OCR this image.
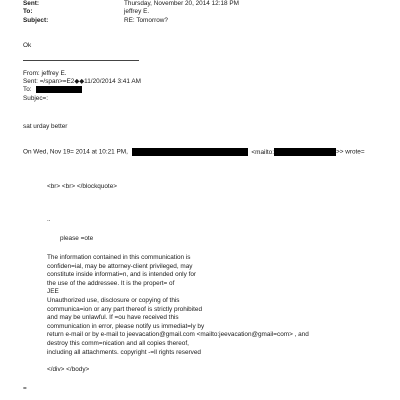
Sent:	Thursday, November 20, 2014 12:18 PM
To:	jeffrey E.
Subject:	RE: Tomorrow?
Ok
From: jeffrey E.
Sent: =/span>=E2◆◆11/20/2014 3:41 AM
To:
Subjec=:
sat urday better
On Wed, Nov 19= 2014 at 10:21 PM,	<mailto:	>> wrote=
<br> <br> </blockquote>
..
please =ote
The information contained in this communication is
confiden=ial, may be attorney-client privileged, may
constitute inside informati=n, and is intended only for
the use of the addressee. It is the propert= of
JEE
Unauthorized use, disclosure or copying of this
communica=ion or any part thereof is strictly prohibited
and may be unlawful. If =ou have received this
communication in error, please notify us immediat=ly by
return e-mail or by e-mail to jeevacation@gmail.com <mailto:jeevacation@gmail=com> , and
destroy this comm=nication and all copies thereof,
including all attachments. copyright -=ll rights reserved
</div> </body>
=
